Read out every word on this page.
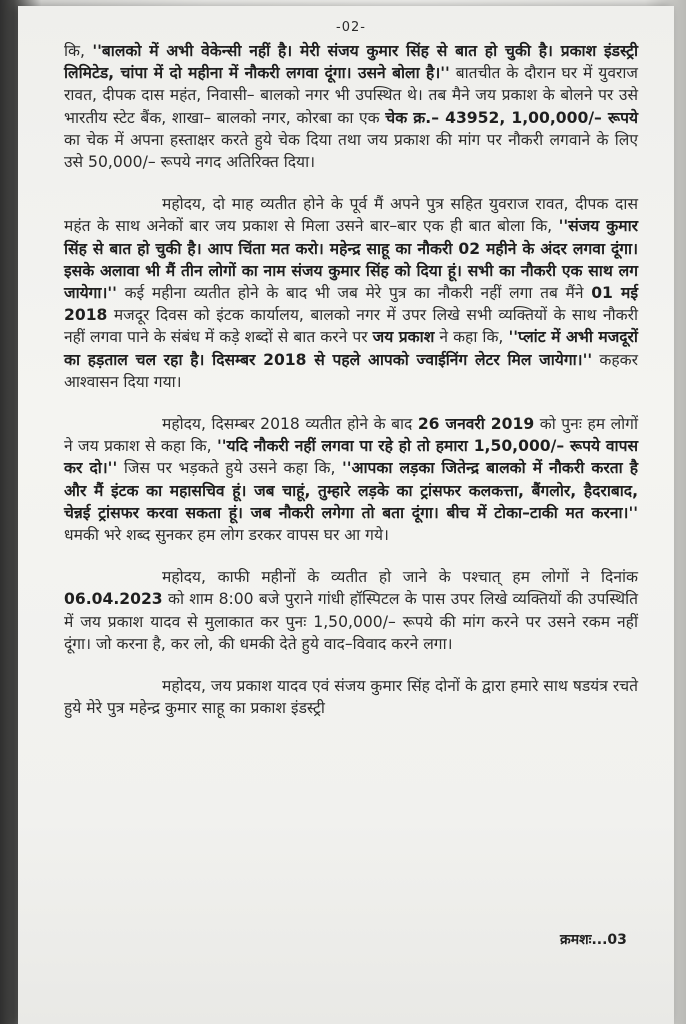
-02-

कि, ''बालको में अभी वेकेन्सी नहीं है। मेरी संजय कुमार सिंह से बात हो चुकी है। प्रकाश इंडस्ट्री लिमिटेड, चांपा में दो महीना में नौकरी लगवा दूंगा। उसने बोला है।'' बातचीत के दौरान घर में युवराज रावत, दीपक दास महंत, निवासी– बालको नगर भी उपस्थित थे। तब मैने जय प्रकाश के बोलने पर उसे भारतीय स्टेट बैंक, शाखा– बालको नगर, कोरबा का एक चेक क्र.– 43952, 1,00,000/– रूपये का चेक में अपना हस्ताक्षर करते हुये चेक दिया तथा जय प्रकाश की मांग पर नौकरी लगवाने के लिए उसे 50,000/– रूपये नगद अतिरिक्त दिया।

महोदय, दो माह व्यतीत होने के पूर्व मैं अपने पुत्र सहित युवराज रावत, दीपक दास महंत के साथ अनेकों बार जय प्रकाश से मिला उसने बार–बार एक ही बात बोला कि, ''संजय कुमार सिंह से बात हो चुकी है। आप चिंता मत करो। महेन्द्र साहू का नौकरी 02 महीने के अंदर लगवा दूंगा। इसके अलावा भी मैं तीन लोगों का नाम संजय कुमार सिंह को दिया हूं। सभी का नौकरी एक साथ लग जायेगा।'' कई महीना व्यतीत होने के बाद भी जब मेरे पुत्र का नौकरी नहीं लगा तब मैंने 01 मई 2018 मजदूर दिवस को इंटक कार्यालय, बालको नगर में उपर लिखे सभी व्यक्तियों के साथ नौकरी नहीं लगवा पाने के संबंध में कड़े शब्दों से बात करने पर जय प्रकाश ने कहा कि, ''प्लांट में अभी मजदूरों का हड़ताल चल रहा है। दिसम्बर 2018 से पहले आपको ज्वाईनिंग लेटर मिल जायेगा।'' कहकर आश्वासन दिया गया।

महोदय, दिसम्बर 2018 व्यतीत होने के बाद 26 जनवरी 2019 को पुनः हम लोगों ने जय प्रकाश से कहा कि, ''यदि नौकरी नहीं लगवा पा रहे हो तो हमारा 1,50,000/– रूपये वापस कर दो।'' जिस पर भड़कते हुये उसने कहा कि, ''आपका लड़का जितेन्द्र बालको में नौकरी करता है और मैं इंटक का महासचिव हूं। जब चाहूं, तुम्हारे लड़के का ट्रांसफर कलकत्ता, बैंगलोर, हैदराबाद, चेन्नई ट्रांसफर करवा सकता हूं। जब नौकरी लगेगा तो बता दूंगा। बीच में टोका–टाकी मत करना।'' धमकी भरे शब्द सुनकर हम लोग डरकर वापस घर आ गये।

महोदय, काफी महीनों के व्यतीत हो जाने के पश्चात् हम लोगों ने दिनांक 06.04.2023 को शाम 8:00 बजे पुराने गांधी हॉस्पिटल के पास उपर लिखे व्यक्तियों की उपस्थिति में जय प्रकाश यादव से मुलाकात कर पुनः 1,50,000/– रूपये की मांग करने पर उसने रकम नहीं दूंगा। जो करना है, कर लो, की धमकी देते हुये वाद–विवाद करने लगा।

महोदय, जय प्रकाश यादव एवं संजय कुमार सिंह दोनों के द्वारा हमारे साथ षडयंत्र रचते हुये मेरे पुत्र महेन्द्र कुमार साहू का प्रकाश इंडस्ट्री

क्रमशः...03
